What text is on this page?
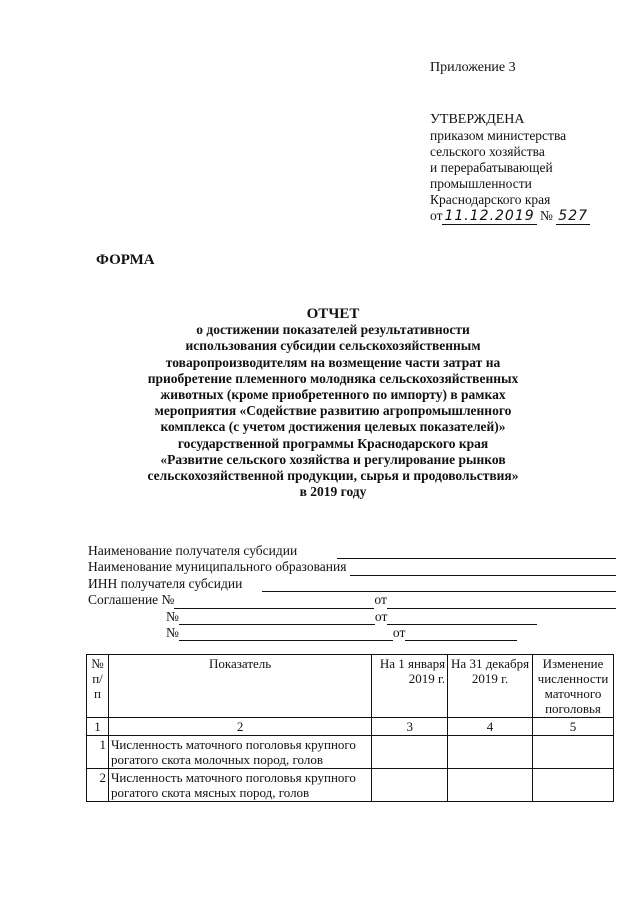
Приложение 3
УТВЕРЖДЕНА
приказом министерства
сельского хозяйства
и перерабатывающей
промышленности
Краснодарского края
от 11.12.2019 № 527
ФОРМА
ОТЧЕТ
о достижении показателей результативности
использования субсидии сельскохозяйственным
товаропроизводителям на возмещение части затрат на
приобретение племенного молодняка сельскохозяйственных
животных (кроме приобретенного по импорту) в рамках
мероприятия «Содействие развитию агропромышленного
комплекса (с учетом достижения целевых показателей)»
государственной программы Краснодарского края
«Развитие сельского хозяйства и регулирование рынков
сельскохозяйственной продукции, сырья и продовольствия»
в 2019 году
Наименование получателя субсидии
Наименование муниципального образования
ИНН получателя субсидии
Соглашение №	от
№	от
№	от
№ п/п	Показатель	На 1 января 2019 г.	На 31 декабря 2019 г.	Изменение численности маточного поголовья
1	2	3	4	5
1	Численность маточного поголовья крупного рогатого скота молочных пород, голов			
2	Численность маточного поголовья крупного рогатого скота мясных пород, голов			
